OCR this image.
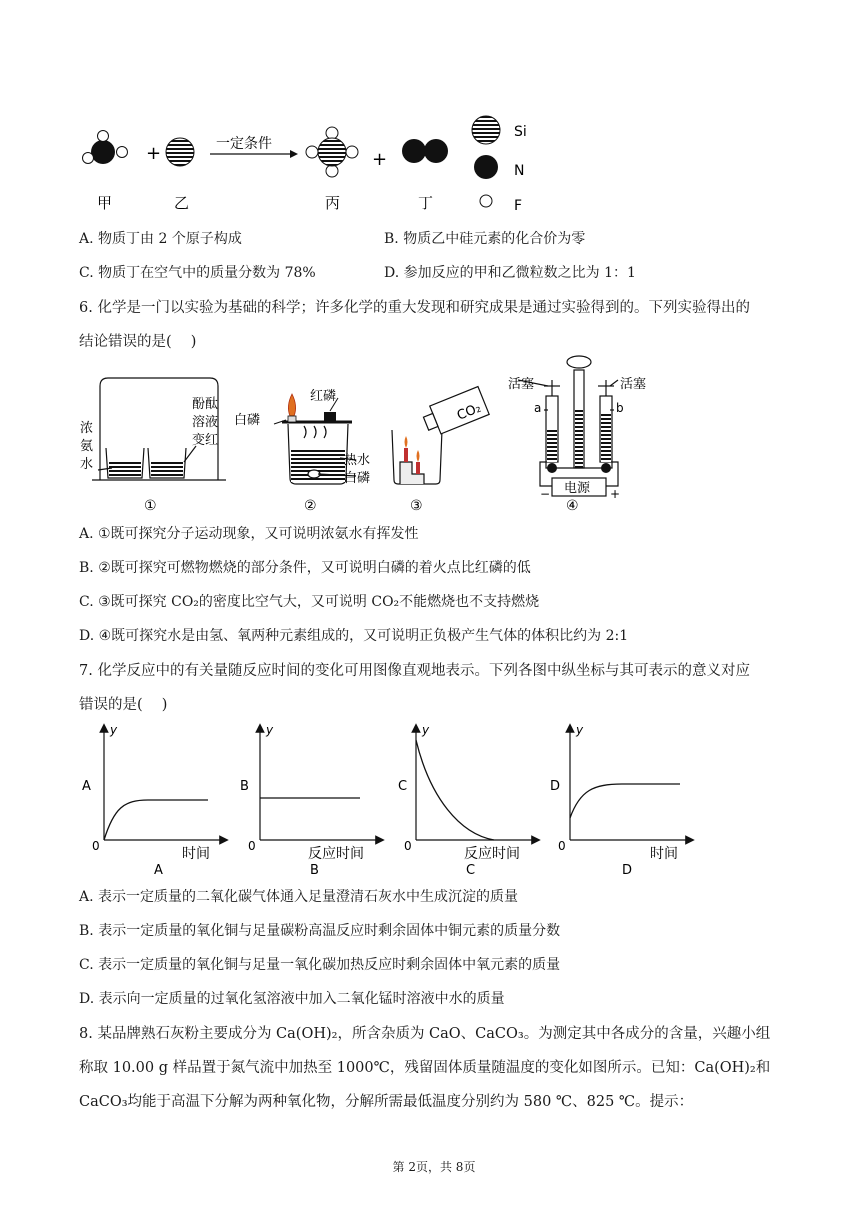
+	一定条件
+
Si
N
F
甲	乙	丙	丁
A. 物质丁由 2 个原子构成	B. 物质乙中硅元素的化合价为零
C. 物质丁在空气中的质量分数为 78%	D. 参加反应的甲和乙微粒数之比为 1：1
6. 化学是一门以实验为基础的科学；许多化学的重大发现和研究成果是通过实验得到的。下列实验得出的
结论错误的是(　 )
浓
氨
水
酚酞
溶液
变红
①
红磷
白磷
热水
白磷
②
CO₂
③
活塞	活塞
a	b
电源
−	+
④
A. ①既可探究分子运动现象，又可说明浓氨水有挥发性
B. ②既可探究可燃物燃烧的部分条件，又可说明白磷的着火点比红磷的低
C. ③既可探究 CO₂的密度比空气大，又可说明 CO₂不能燃烧也不支持燃烧
D. ④既可探究水是由氢、氧两种元素组成的，又可说明正负极产生气体的体积比约为 2:1
7. 化学反应中的有关量随反应时间的变化可用图像直观地表示。下列各图中纵坐标与其可表示的意义对应
错误的是(　 )
y
A
0	时间
A
y
B
0	反应时间
B
y
C
0	反应时间
C
y
D
0	时间
D
A. 表示一定质量的二氧化碳气体通入足量澄清石灰水中生成沉淀的质量
B. 表示一定质量的氧化铜与足量碳粉高温反应时剩余固体中铜元素的质量分数
C. 表示一定质量的氧化铜与足量一氧化碳加热反应时剩余固体中氧元素的质量
D. 表示向一定质量的过氧化氢溶液中加入二氧化锰时溶液中水的质量
8. 某品牌熟石灰粉主要成分为 Ca(OH)₂，所含杂质为 CaO、CaCO₃。为测定其中各成分的含量，兴趣小组
称取 10.00 g 样品置于氮气流中加热至 1000℃，残留固体质量随温度的变化如图所示。已知：Ca(OH)₂和
CaCO₃均能于高温下分解为两种氧化物，分解所需最低温度分别约为 580 ℃、825 ℃。提示：
第 2页，共 8页
